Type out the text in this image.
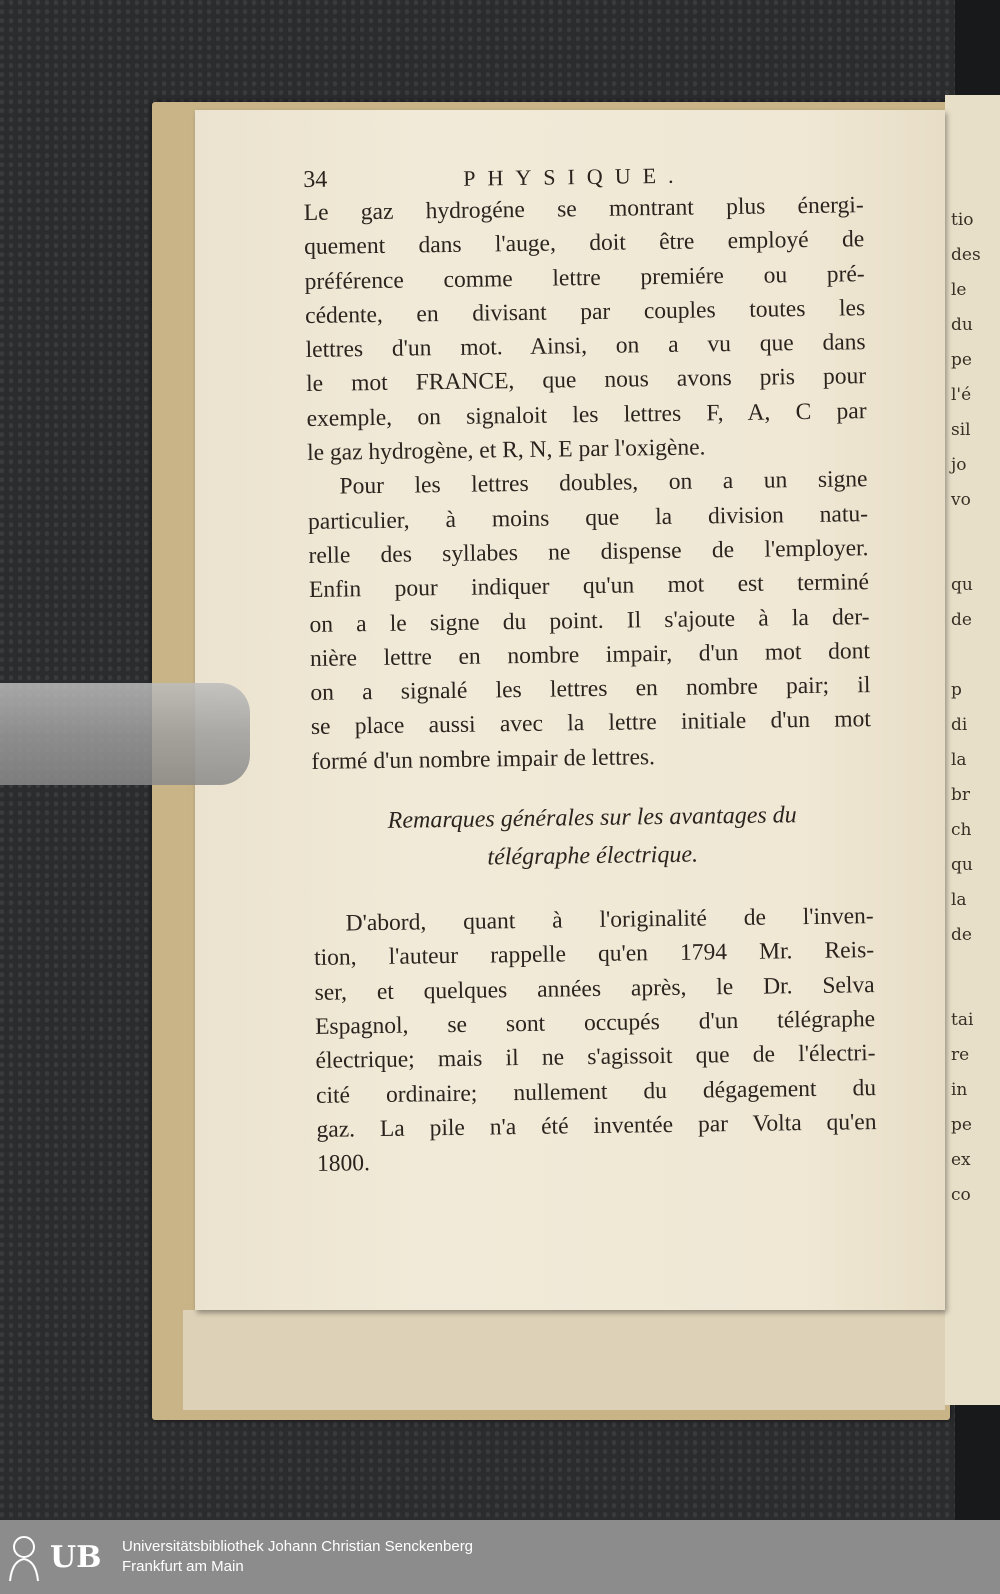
tio
des
le
du
pe
l'é
sil
jo
vo
qu
de
p
di
la
br
ch
qu
la
de
tai
re
in
pe
ex
co
34	PHYSIQUE.
Le gaz hydrogéne se montrant plus énergi-
quement dans l'auge, doit être employé de
préférence comme lettre premiére ou pré-
cédente, en divisant par couples toutes les
lettres d'un mot. Ainsi, on a vu que dans
le mot FRANCE, que nous avons pris pour
exemple, on signaloit les lettres F, A, C par
le gaz hydrogène, et R, N, E par l'oxigène.
Pour les lettres doubles, on a un signe
particulier, à moins que la division natu-
relle des syllabes ne dispense de l'employer.
Enfin pour indiquer qu'un mot est terminé
on a le signe du point. Il s'ajoute à la der-
nière lettre en nombre impair, d'un mot dont
on a signalé les lettres en nombre pair; il
se place aussi avec la lettre initiale d'un mot
formé d'un nombre impair de lettres.
Remarques générales sur les avantages du
télégraphe électrique.
D'abord, quant à l'originalité de l'inven-
tion, l'auteur rappelle qu'en 1794 Mr. Reis-
ser, et quelques années après, le Dr. Selva
Espagnol, se sont occupés d'un télégraphe
électrique; mais il ne s'agissoit que de l'électri-
cité ordinaire; nullement du dégagement du
gaz. La pile n'a été inventée par Volta qu'en
1800.
UB Universitätsbibliothek Johann Christian Senckenberg
Frankfurt am Main
